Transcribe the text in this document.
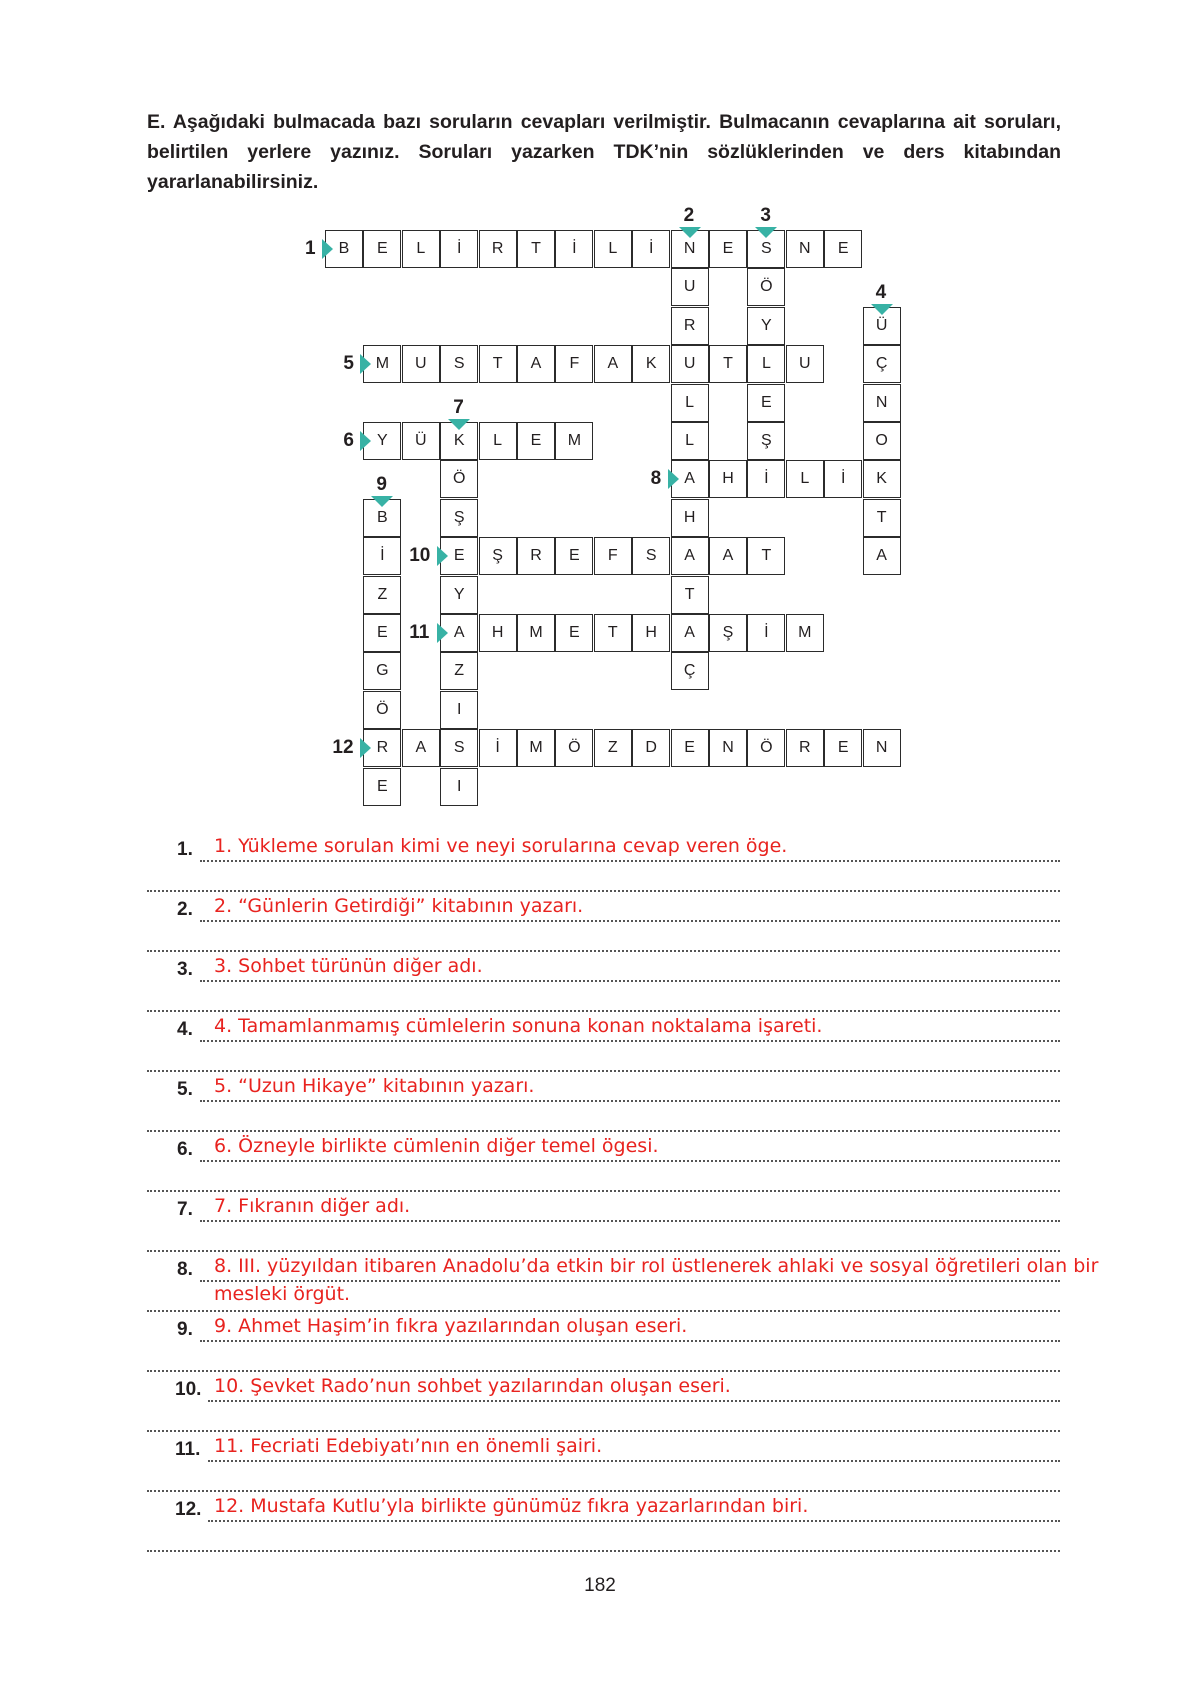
E. Aşağıdaki bulmacada bazı soruların cevapları verilmiştir. Bulmacanın cevaplarına ait soruları, belirtilen yerlere yazınız. Soruları yazarken TDK’nin sözlüklerinden ve ders kitabından yararlanabilirsiniz.
B	E	L	İ	R	T	İ	L	İ	N	E	S	N	E
1
U
R
U
L
L
A
H
A
T
A
Ç
2
Ö
Y
L
E
Ş
3
Ü
Ç
N
O
K
T
A
4
M	U	S	T	A	F	A	K	T	U
5
Y	Ü	K	L	E	M
6
Ö
Ş
E
Y
A
Z
I
S
I
7
H	İ	L	İ
8
B
İ
Z
E
G
Ö
R
E
9
Ş	R	E	F	S	A	T
10
H	M	E	T	H	Ş	İ	M
11
A	İ	M	Ö	Z	D	E	N	Ö	R	E	N
12
1. 1. Yükleme sorulan kimi ve neyi sorularına cevap veren öge.
2. 2. “Günlerin Getirdiği” kitabının yazarı.
3. 3. Sohbet türünün diğer adı.
4. 4. Tamamlanmamış cümlelerin sonuna konan noktalama işareti.
5. 5. “Uzun Hikaye” kitabının yazarı.
6. 6. Özneyle birlikte cümlenin diğer temel ögesi.
7. 7. Fıkranın diğer adı.
8. 8. III. yüzyıldan itibaren Anadolu’da etkin bir rol üstlenerek ahlaki ve sosyal öğretileri olan bir mesleki örgüt.
9. 9. Ahmet Haşim’in fıkra yazılarından oluşan eseri.
10. 10. Şevket Rado’nun sohbet yazılarından oluşan eseri.
11. 11. Fecriati Edebiyatı’nın en önemli şairi.
12. 12. Mustafa Kutlu’yla birlikte günümüz fıkra yazarlarından biri.
182
